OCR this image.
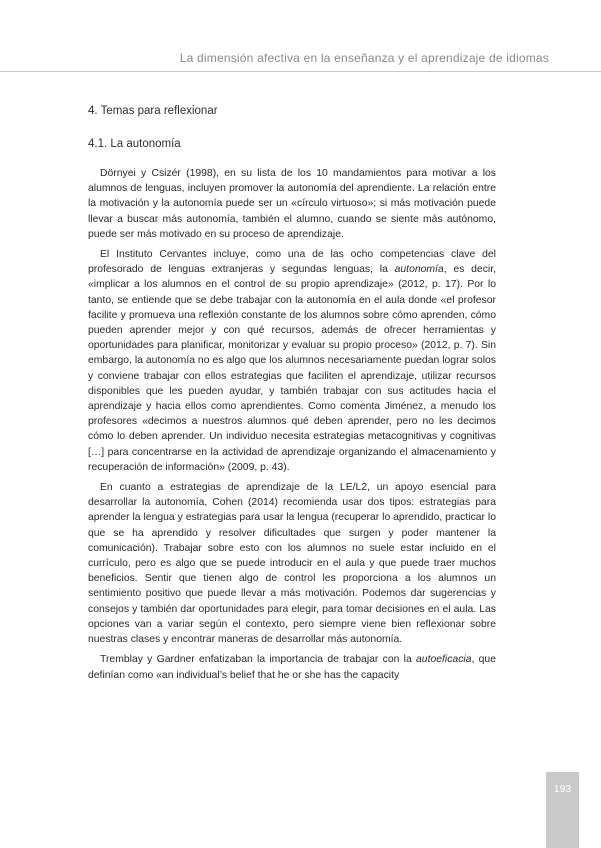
La dimensión afectiva en la enseñanza y el aprendizaje de idiomas
4. Temas para reflexionar
4.1. La autonomía

Dörnyei y Csizér (1998), en su lista de los 10 mandamientos para motivar a los alumnos de lenguas, incluyen promover la autonomía del aprendiente. La relación entre la motivación y la autonomía puede ser un «círculo virtuoso»; si más motivación puede llevar a buscar más autonomía, también el alumno, cuando se siente más autónomo, puede ser más motivado en su proceso de aprendizaje.

El Instituto Cervantes incluye, como una de las ocho competencias clave del profesorado de lenguas extranjeras y segundas lenguas, la autonomía, es decir, «implicar a los alumnos en el control de su propio aprendizaje» (2012, p. 17). Por lo tanto, se entiende que se debe trabajar con la autonomía en el aula donde «el profesor facilite y promueva una reflexión constante de los alumnos sobre cómo aprenden, cómo pueden aprender mejor y con qué recursos, además de ofrecer herramientas y oportunidades para planificar, monitorizar y evaluar su propio proceso» (2012, p. 7). Sin embargo, la autonomía no es algo que los alumnos necesariamente puedan lograr solos y conviene trabajar con ellos estrategias que faciliten el aprendizaje, utilizar recursos disponibles que les pueden ayudar, y también trabajar con sus actitudes hacia el aprendizaje y hacia ellos como aprendientes. Como comenta Jiménez, a menudo los profesores «decimos a nuestros alumnos qué deben aprender, pero no les decimos cómo lo deben aprender. Un individuo necesita estrategias metacognitivas y cognitivas […] para concentrarse en la actividad de aprendizaje organizando el almacenamiento y recuperación de información» (2009, p. 43).

En cuanto a estrategias de aprendizaje de la LE/L2, un apoyo esencial para desarrollar la autonomía, Cohen (2014) recomienda usar dos tipos: estrategias para aprender la lengua y estrategias para usar la lengua (recuperar lo aprendido, practicar lo que se ha aprendido y resolver dificultades que surgen y poder mantener la comunicación). Trabajar sobre esto con los alumnos no suele estar incluido en el currículo, pero es algo que se puede introducir en el aula y que puede traer muchos beneficios. Sentir que tienen algo de control les proporciona a los alumnos un sentimiento positivo que puede llevar a más motivación. Podemos dar sugerencias y consejos y también dar oportunidades para elegir, para tomar decisiones en el aula. Las opciones van a variar según el contexto, pero siempre viene bien reflexionar sobre nuestras clases y encontrar maneras de desarrollar más autonomía.

Tremblay y Gardner enfatizaban la importancia de trabajar con la autoeficacia, que definían como «an individual’s belief that he or she has the capacity

193
